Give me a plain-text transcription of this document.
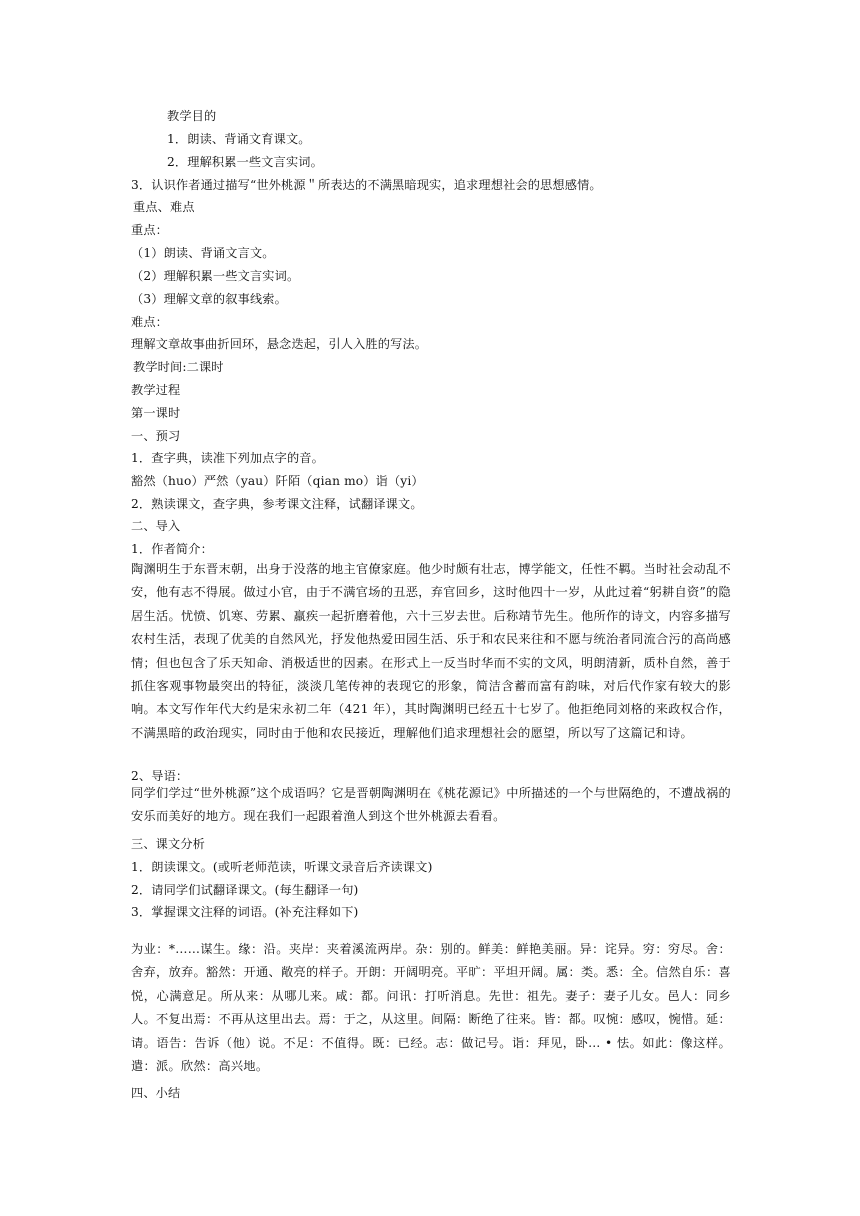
教学目的
1．朗读、背诵文育课文。
2．理解积累一些文言实词。
3．认识作者通过描写“世外桃源＂所表达的不满黑暗现实，追求理想社会的思想感情。
重点、难点
重点：
（1）朗读、背诵文言文。
（2）理解积累一些文言实词。
（3）理解文章的叙事线索。
难点：
理解文章故事曲折回环，悬念迭起，引人入胜的写法。
教学时间:二课时
教学过程
第一课时
一、预习
1．查字典，读准下列加点字的音。
豁然（huo）严然（yau）阡陌（qian mo）诣（yi）
2．熟读课文，查字典，参考课文注释，试翻译课文。
二、导入
1．作者简介：
陶渊明生于东晋末朝，出身于没落的地主官僚家庭。他少时颇有壮志，博学能文，任性不羁。当时社会动乱不安，他有志不得展。做过小官，由于不满官场的丑恶，弃官回乡，这时他四十一岁，从此过着“躬耕自资”的隐居生活。忧愤、饥寒、劳累、羸疾一起折磨着他，六十三岁去世。后称靖节先生。他所作的诗文，内容多描写农村生活，表现了优美的自然风光，抒发他热爱田园生活、乐于和农民来往和不愿与统治者同流合污的高尚感情；但也包含了乐天知命、消极适世的因素。在形式上一反当时华而不实的文风，明朗清新，质朴自然，善于抓住客观事物最突出的特征，淡淡几笔传神的表现它的形象，简洁含蓄而富有韵味，对后代作家有较大的影响。本文写作年代大约是宋永初二年（421 年），其时陶渊明已经五十七岁了。他拒绝同刘格的来政权合作，不满黑暗的政治现实，同时由于他和农民接近，理解他们追求理想社会的愿望，所以写了这篇记和诗。
2、导语：
同学们学过“世外桃源”这个成语吗？它是晋朝陶渊明在《桃花源记》中所描述的一个与世隔绝的，不遭战祸的安乐而美好的地方。现在我们一起跟着渔人到这个世外桃源去看看。
三、课文分析
1．朗读课文。(或听老师范读，听课文录音后齐读课文)
2．请同学们试翻译课文。(每生翻译一句)
3．掌握课文注释的词语。(补充注释如下)
为业：*……谋生。缘：沿。夹岸：夹着溪流两岸。杂：别的。鲜美：鲜艳美丽。异：诧异。穷：穷尽。舍：舍弃，放弃。豁然：开通、敞亮的样子。开朗：开阔明亮。平旷：平坦开阔。属：类。悉：全。信然自乐：喜悦，心满意足。所从来：从哪儿来。咸：都。问讯：打听消息。先世：祖先。妻子：妻子儿女。邑人：同乡人。不复出焉：不再从这里出去。焉：于之，从这里。间隔：断绝了往来。皆：都。叹惋：感叹，惋惜。延：请。语告：告诉（他）说。不足：不值得。既：已经。志：做记号。诣：拜见，卧… • 怯。如此：像这样。遣：派。欣然：高兴地。
四、小结
